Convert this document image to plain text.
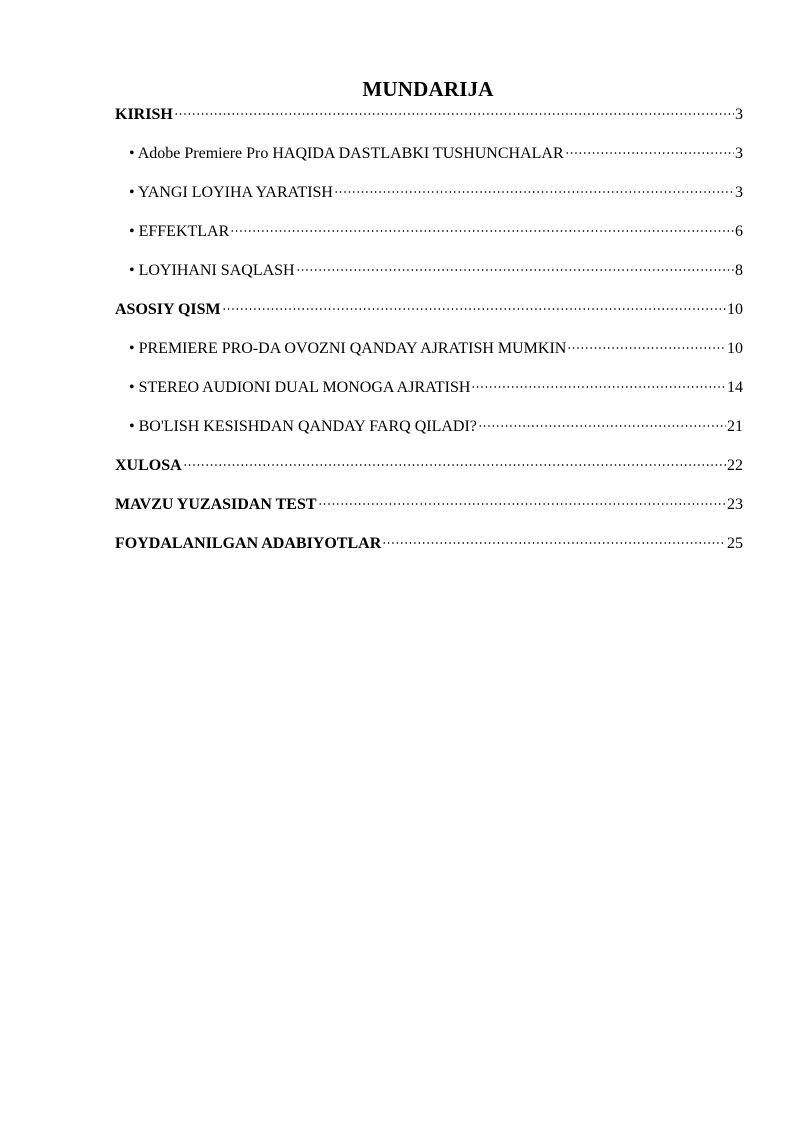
MUNDARIJA
KIRISH	3
• Adobe Premiere Pro HAQIDA DASTLABKI TUSHUNCHALAR	3
• YANGI LOYIHA YARATISH	3
• EFFEKTLAR	6
• LOYIHANI SAQLASH	8
ASOSIY QISM	10
• PREMIERE PRO-DA OVOZNI QANDAY AJRATISH MUMKIN	10
• STEREO AUDIONI DUAL MONOGA AJRATISH	14
• BO'LISH KESISHDAN QANDAY FARQ QILADI?	21
XULOSA	22
MAVZU YUZASIDAN TEST	23
FOYDALANILGAN ADABIYOTLAR	25
